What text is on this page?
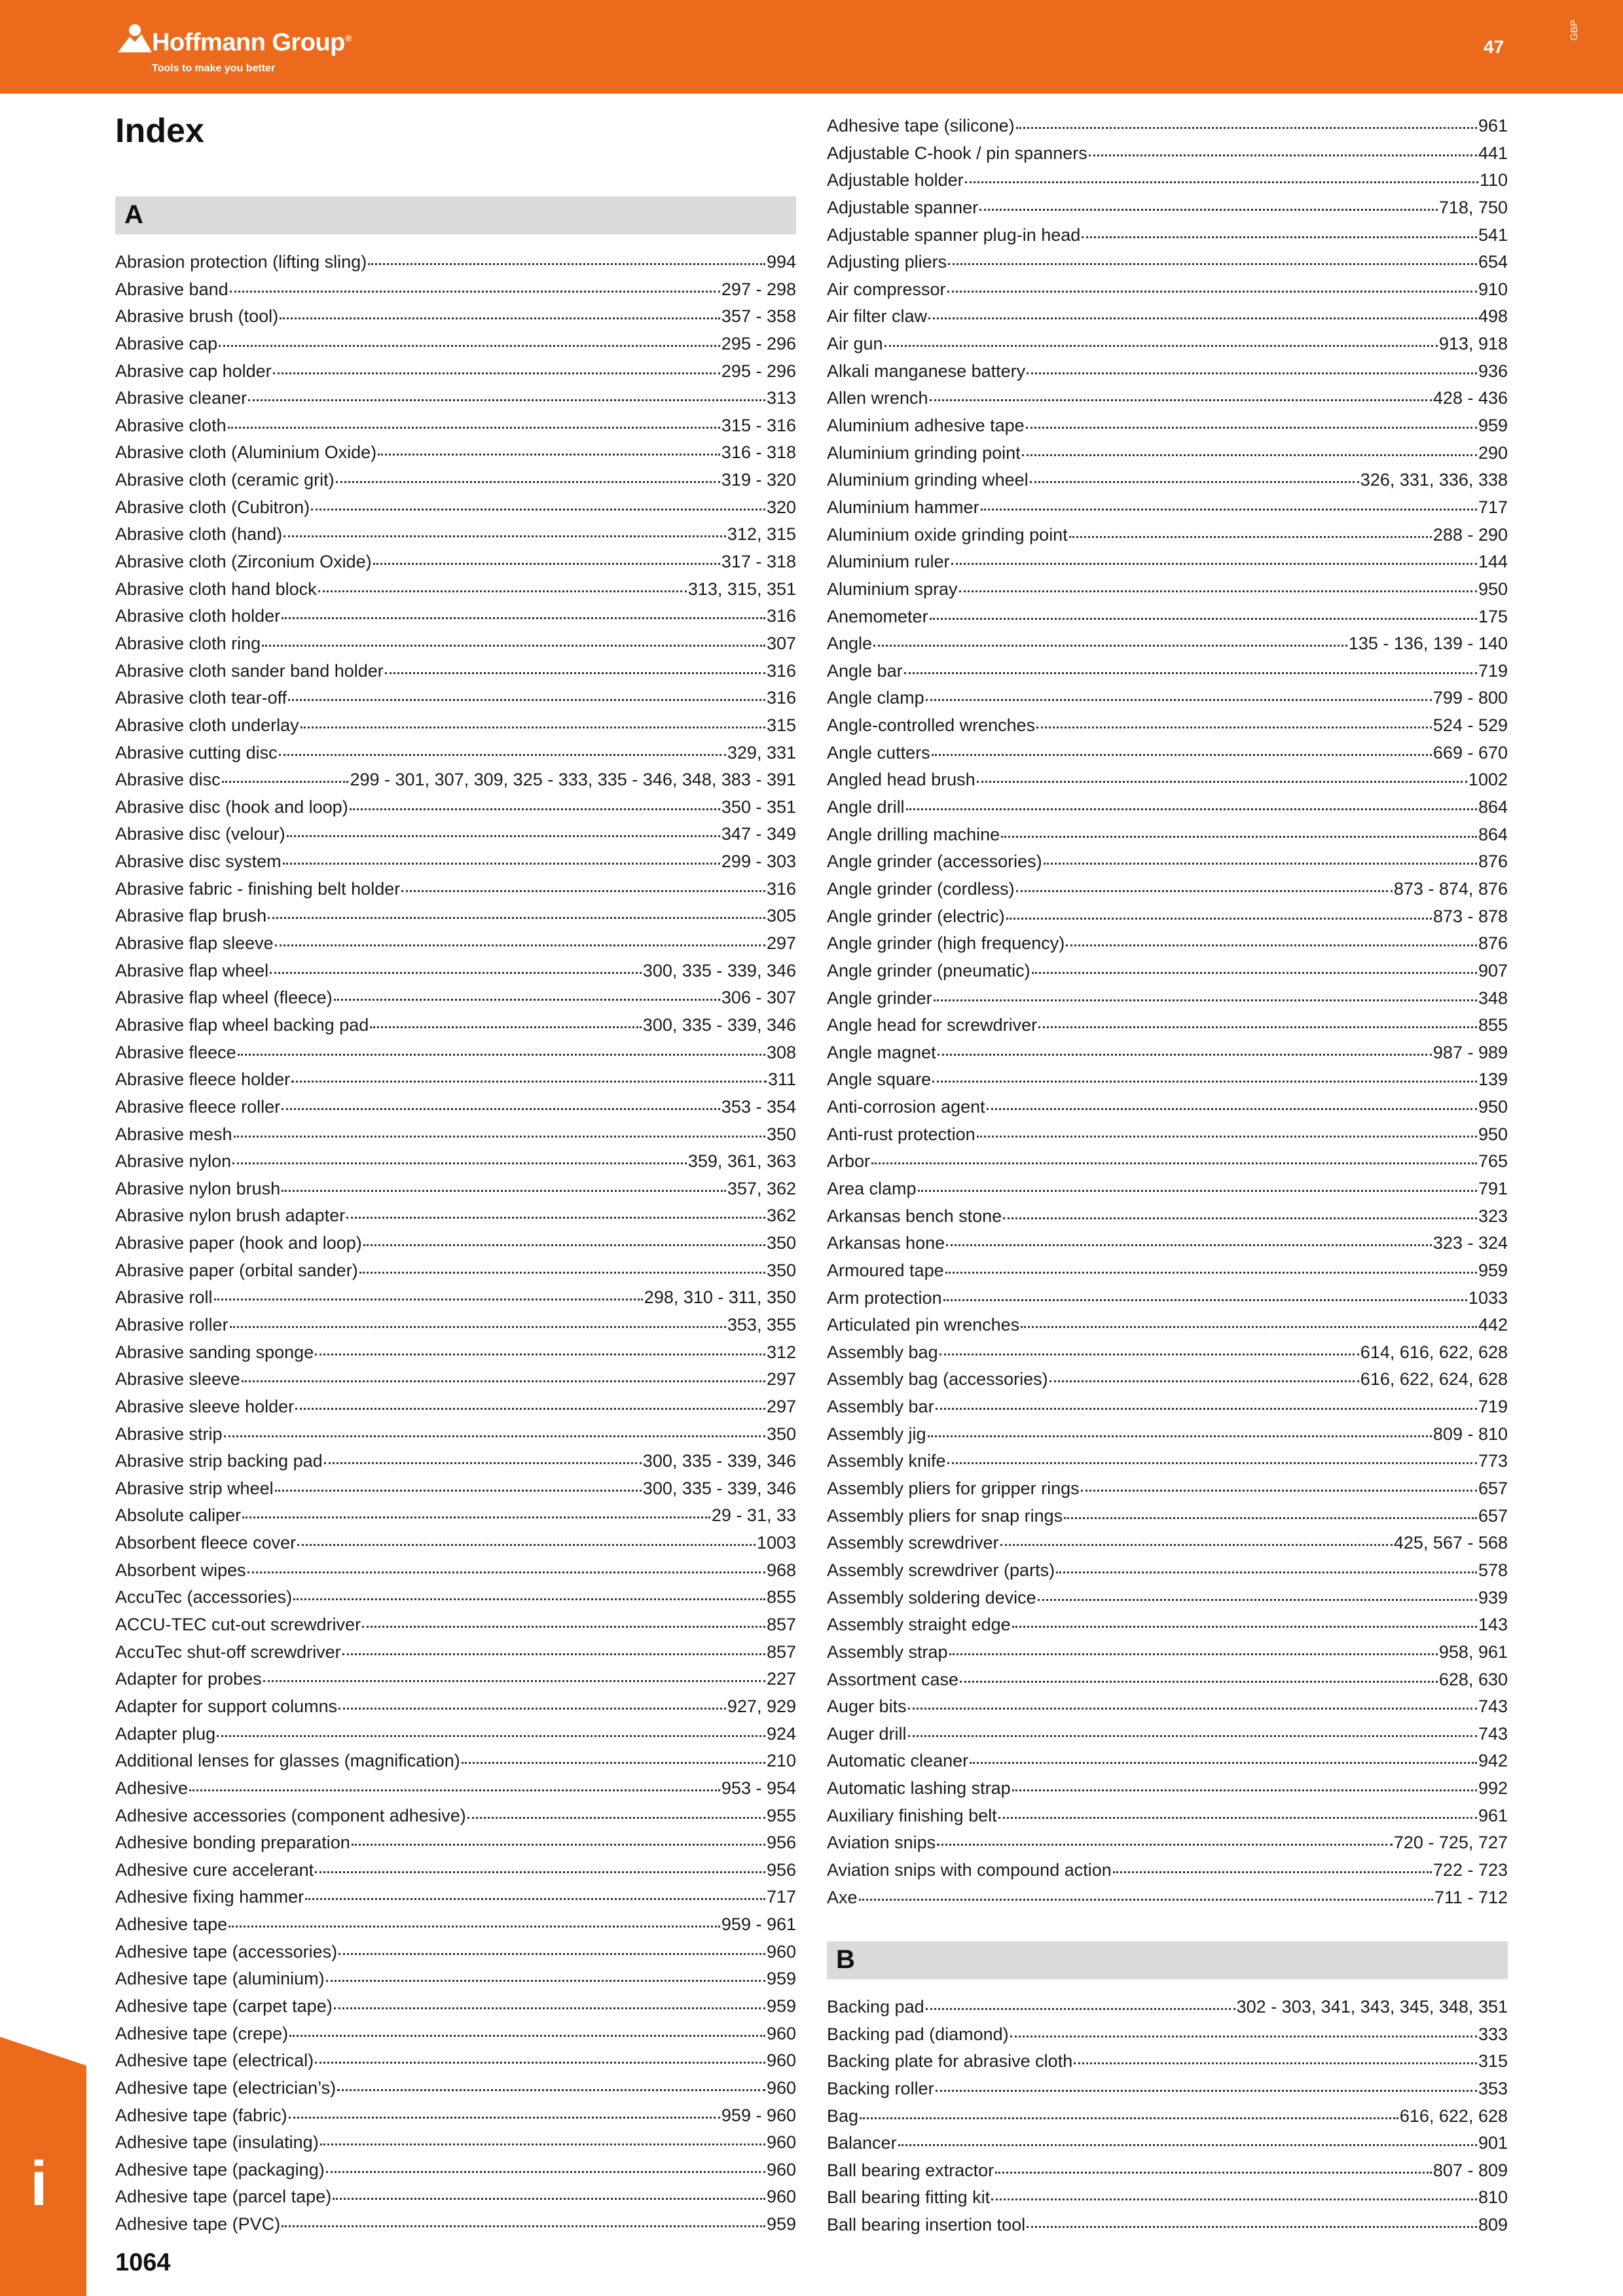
Hoffmann Group®
Tools to make you better
47
GBP
Index
A
Abrasion protection (lifting sling)	994
Abrasive band	297 - 298
Abrasive brush (tool)	357 - 358
Abrasive cap	295 - 296
Abrasive cap holder	295 - 296
Abrasive cleaner	313
Abrasive cloth	315 - 316
Abrasive cloth (Aluminium Oxide)	316 - 318
Abrasive cloth (ceramic grit)	319 - 320
Abrasive cloth (Cubitron)	320
Abrasive cloth (hand)	312, 315
Abrasive cloth (Zirconium Oxide)	317 - 318
Abrasive cloth hand block	313, 315, 351
Abrasive cloth holder	316
Abrasive cloth ring	307
Abrasive cloth sander band holder	316
Abrasive cloth tear-off	316
Abrasive cloth underlay	315
Abrasive cutting disc	329, 331
Abrasive disc	299 - 301, 307, 309, 325 - 333, 335 - 346, 348, 383 - 391
Abrasive disc (hook and loop)	350 - 351
Abrasive disc (velour)	347 - 349
Abrasive disc system	299 - 303
Abrasive fabric - finishing belt holder	316
Abrasive flap brush	305
Abrasive flap sleeve	297
Abrasive flap wheel	300, 335 - 339, 346
Abrasive flap wheel (fleece)	306 - 307
Abrasive flap wheel backing pad	300, 335 - 339, 346
Abrasive fleece	308
Abrasive fleece holder	311
Abrasive fleece roller	353 - 354
Abrasive mesh	350
Abrasive nylon	359, 361, 363
Abrasive nylon brush	357, 362
Abrasive nylon brush adapter	362
Abrasive paper (hook and loop)	350
Abrasive paper (orbital sander)	350
Abrasive roll	298, 310 - 311, 350
Abrasive roller	353, 355
Abrasive sanding sponge	312
Abrasive sleeve	297
Abrasive sleeve holder	297
Abrasive strip	350
Abrasive strip backing pad	300, 335 - 339, 346
Abrasive strip wheel	300, 335 - 339, 346
Absolute caliper	29 - 31, 33
Absorbent fleece cover	1003
Absorbent wipes	968
AccuTec (accessories)	855
ACCU-TEC cut-out screwdriver	857
AccuTec shut-off screwdriver	857
Adapter for probes	227
Adapter for support columns	927, 929
Adapter plug	924
Additional lenses for glasses (magnification)	210
Adhesive	953 - 954
Adhesive accessories (component adhesive)	955
Adhesive bonding preparation	956
Adhesive cure accelerant	956
Adhesive fixing hammer	717
Adhesive tape	959 - 961
Adhesive tape (accessories)	960
Adhesive tape (aluminium)	959
Adhesive tape (carpet tape)	959
Adhesive tape (crepe)	960
Adhesive tape (electrical)	960
Adhesive tape (electrician’s)	960
Adhesive tape (fabric)	959 - 960
Adhesive tape (insulating)	960
Adhesive tape (packaging)	960
Adhesive tape (parcel tape)	960
Adhesive tape (PVC)	959
Adhesive tape (silicone)	961
Adjustable C-hook / pin spanners	441
Adjustable holder	110
Adjustable spanner	718, 750
Adjustable spanner plug-in head	541
Adjusting pliers	654
Air compressor	910
Air filter claw	498
Air gun	913, 918
Alkali manganese battery	936
Allen wrench	428 - 436
Aluminium adhesive tape	959
Aluminium grinding point	290
Aluminium grinding wheel	326, 331, 336, 338
Aluminium hammer	717
Aluminium oxide grinding point	288 - 290
Aluminium ruler	144
Aluminium spray	950
Anemometer	175
Angle	135 - 136, 139 - 140
Angle bar	719
Angle clamp	799 - 800
Angle-controlled wrenches	524 - 529
Angle cutters	669 - 670
Angled head brush	1002
Angle drill	864
Angle drilling machine	864
Angle grinder (accessories)	876
Angle grinder (cordless)	873 - 874, 876
Angle grinder (electric)	873 - 878
Angle grinder (high frequency)	876
Angle grinder (pneumatic)	907
Angle grinder	348
Angle head for screwdriver	855
Angle magnet	987 - 989
Angle square	139
Anti-corrosion agent	950
Anti-rust protection	950
Arbor	765
Area clamp	791
Arkansas bench stone	323
Arkansas hone	323 - 324
Armoured tape	959
Arm protection	1033
Articulated pin wrenches	442
Assembly bag	614, 616, 622, 628
Assembly bag (accessories)	616, 622, 624, 628
Assembly bar	719
Assembly jig	809 - 810
Assembly knife	773
Assembly pliers for gripper rings	657
Assembly pliers for snap rings	657
Assembly screwdriver	425, 567 - 568
Assembly screwdriver (parts)	578
Assembly soldering device	939
Assembly straight edge	143
Assembly strap	958, 961
Assortment case	628, 630
Auger bits	743
Auger drill	743
Automatic cleaner	942
Automatic lashing strap	992
Auxiliary finishing belt	961
Aviation snips	720 - 725, 727
Aviation snips with compound action	722 - 723
Axe	711 - 712
B
Backing pad	302 - 303, 341, 343, 345, 348, 351
Backing pad (diamond)	333
Backing plate for abrasive cloth	315
Backing roller	353
Bag	616, 622, 628
Balancer	901
Ball bearing extractor	807 - 809
Ball bearing fitting kit	810
Ball bearing insertion tool	809
i
1064
